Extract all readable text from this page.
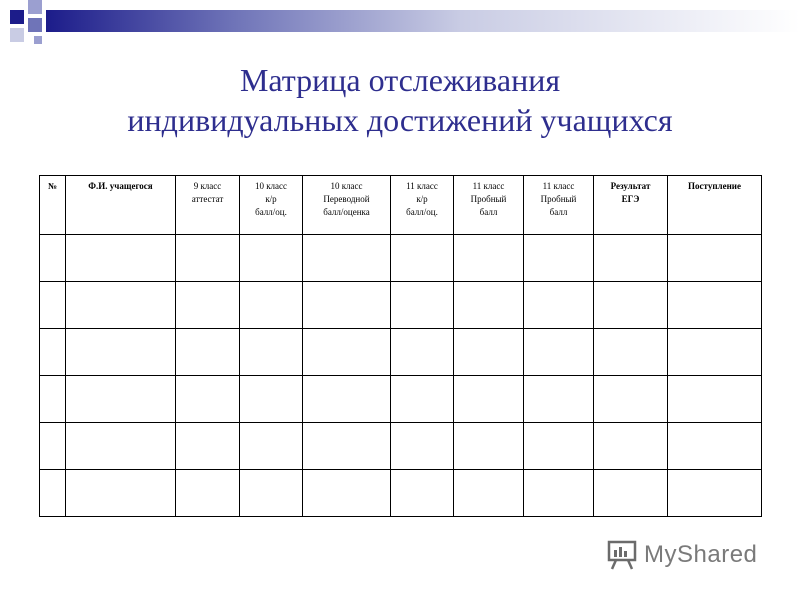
Матрица отслеживания
индивидуальных достижений учащихся
№	Ф.И. учащегося	9 класс
аттестат	10 класс
к/р
балл/оц.	10 класс
Переводной
балл/оценка	11 класс
к/р
балл/оц.	11 класс
Пробный
балл	11 класс
Пробный
балл	Результат
ЕГЭ	Поступление

MyShared
